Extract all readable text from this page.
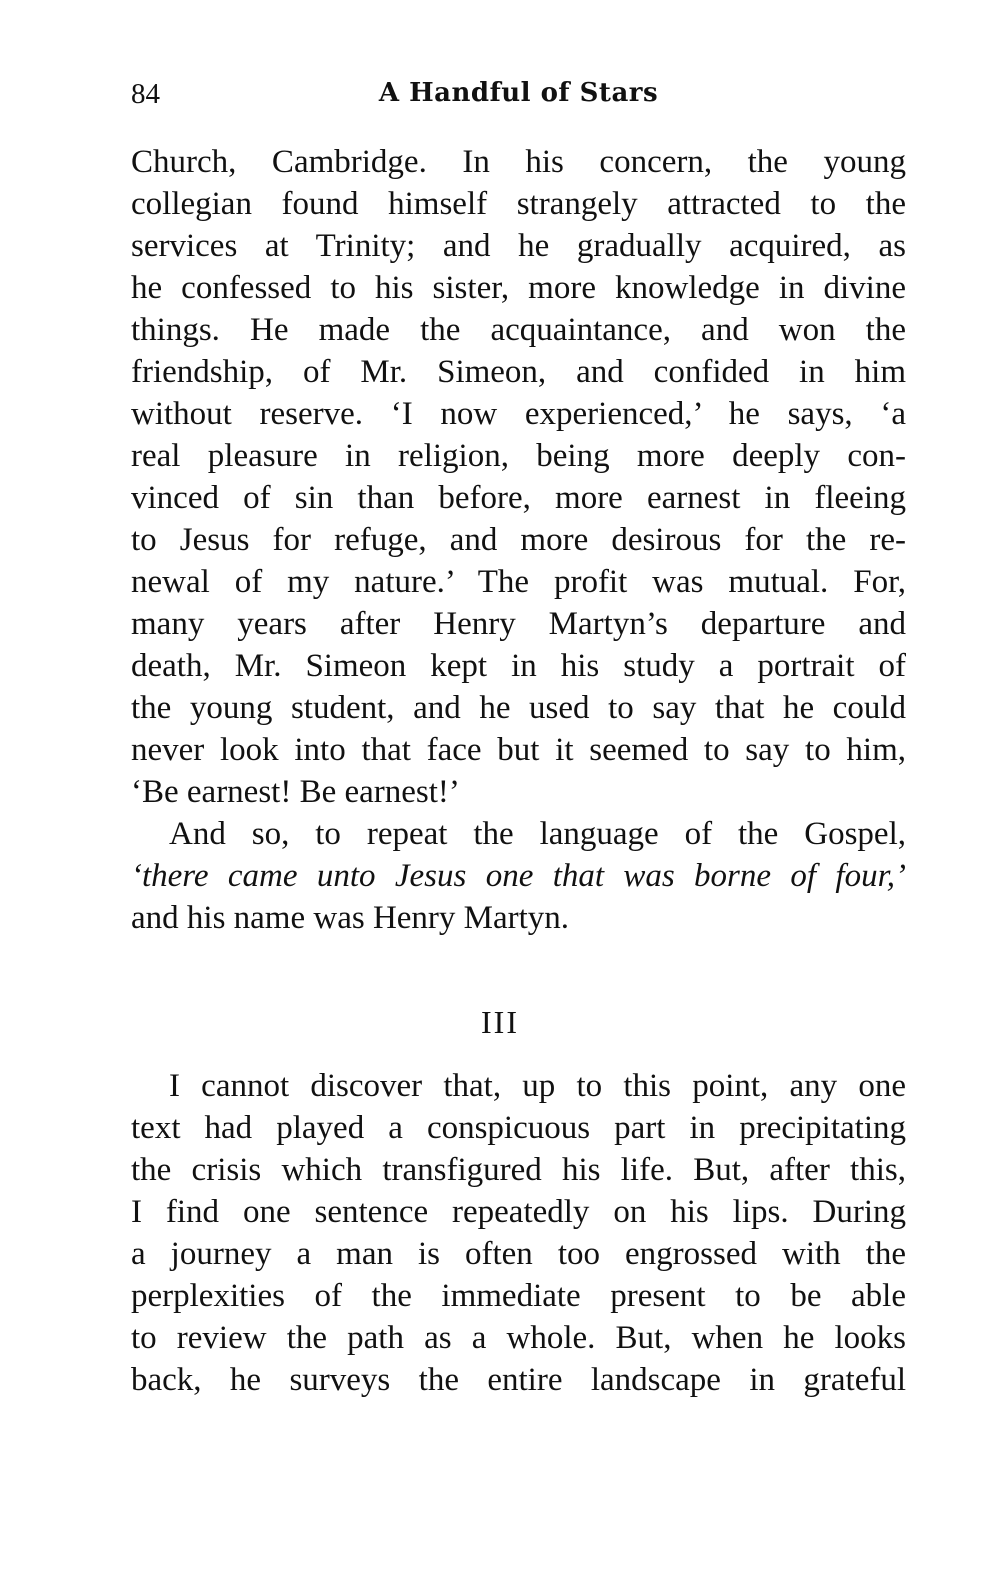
84	A Handful of Stars
Church, Cambridge. In his concern, the young
collegian found himself strangely attracted to the
services at Trinity; and he gradually acquired, as
he confessed to his sister, more knowledge in divine
things. He made the acquaintance, and won the
friendship, of Mr. Simeon, and confided in him
without reserve. ‘I now experienced,’ he says, ‘a
real pleasure in religion, being more deeply con-
vinced of sin than before, more earnest in fleeing
to Jesus for refuge, and more desirous for the re-
newal of my nature.’ The profit was mutual. For,
many years after Henry Martyn’s departure and
death, Mr. Simeon kept in his study a portrait of
the young student, and he used to say that he could
never look into that face but it seemed to say to him,
‘Be earnest! Be earnest!’
And so, to repeat the language of the Gospel,
‘there came unto Jesus one that was borne of four,’
and his name was Henry Martyn.
III
I cannot discover that, up to this point, any one
text had played a conspicuous part in precipitating
the crisis which transfigured his life. But, after this,
I find one sentence repeatedly on his lips. During
a journey a man is often too engrossed with the
perplexities of the immediate present to be able
to review the path as a whole. But, when he looks
back, he surveys the entire landscape in grateful
